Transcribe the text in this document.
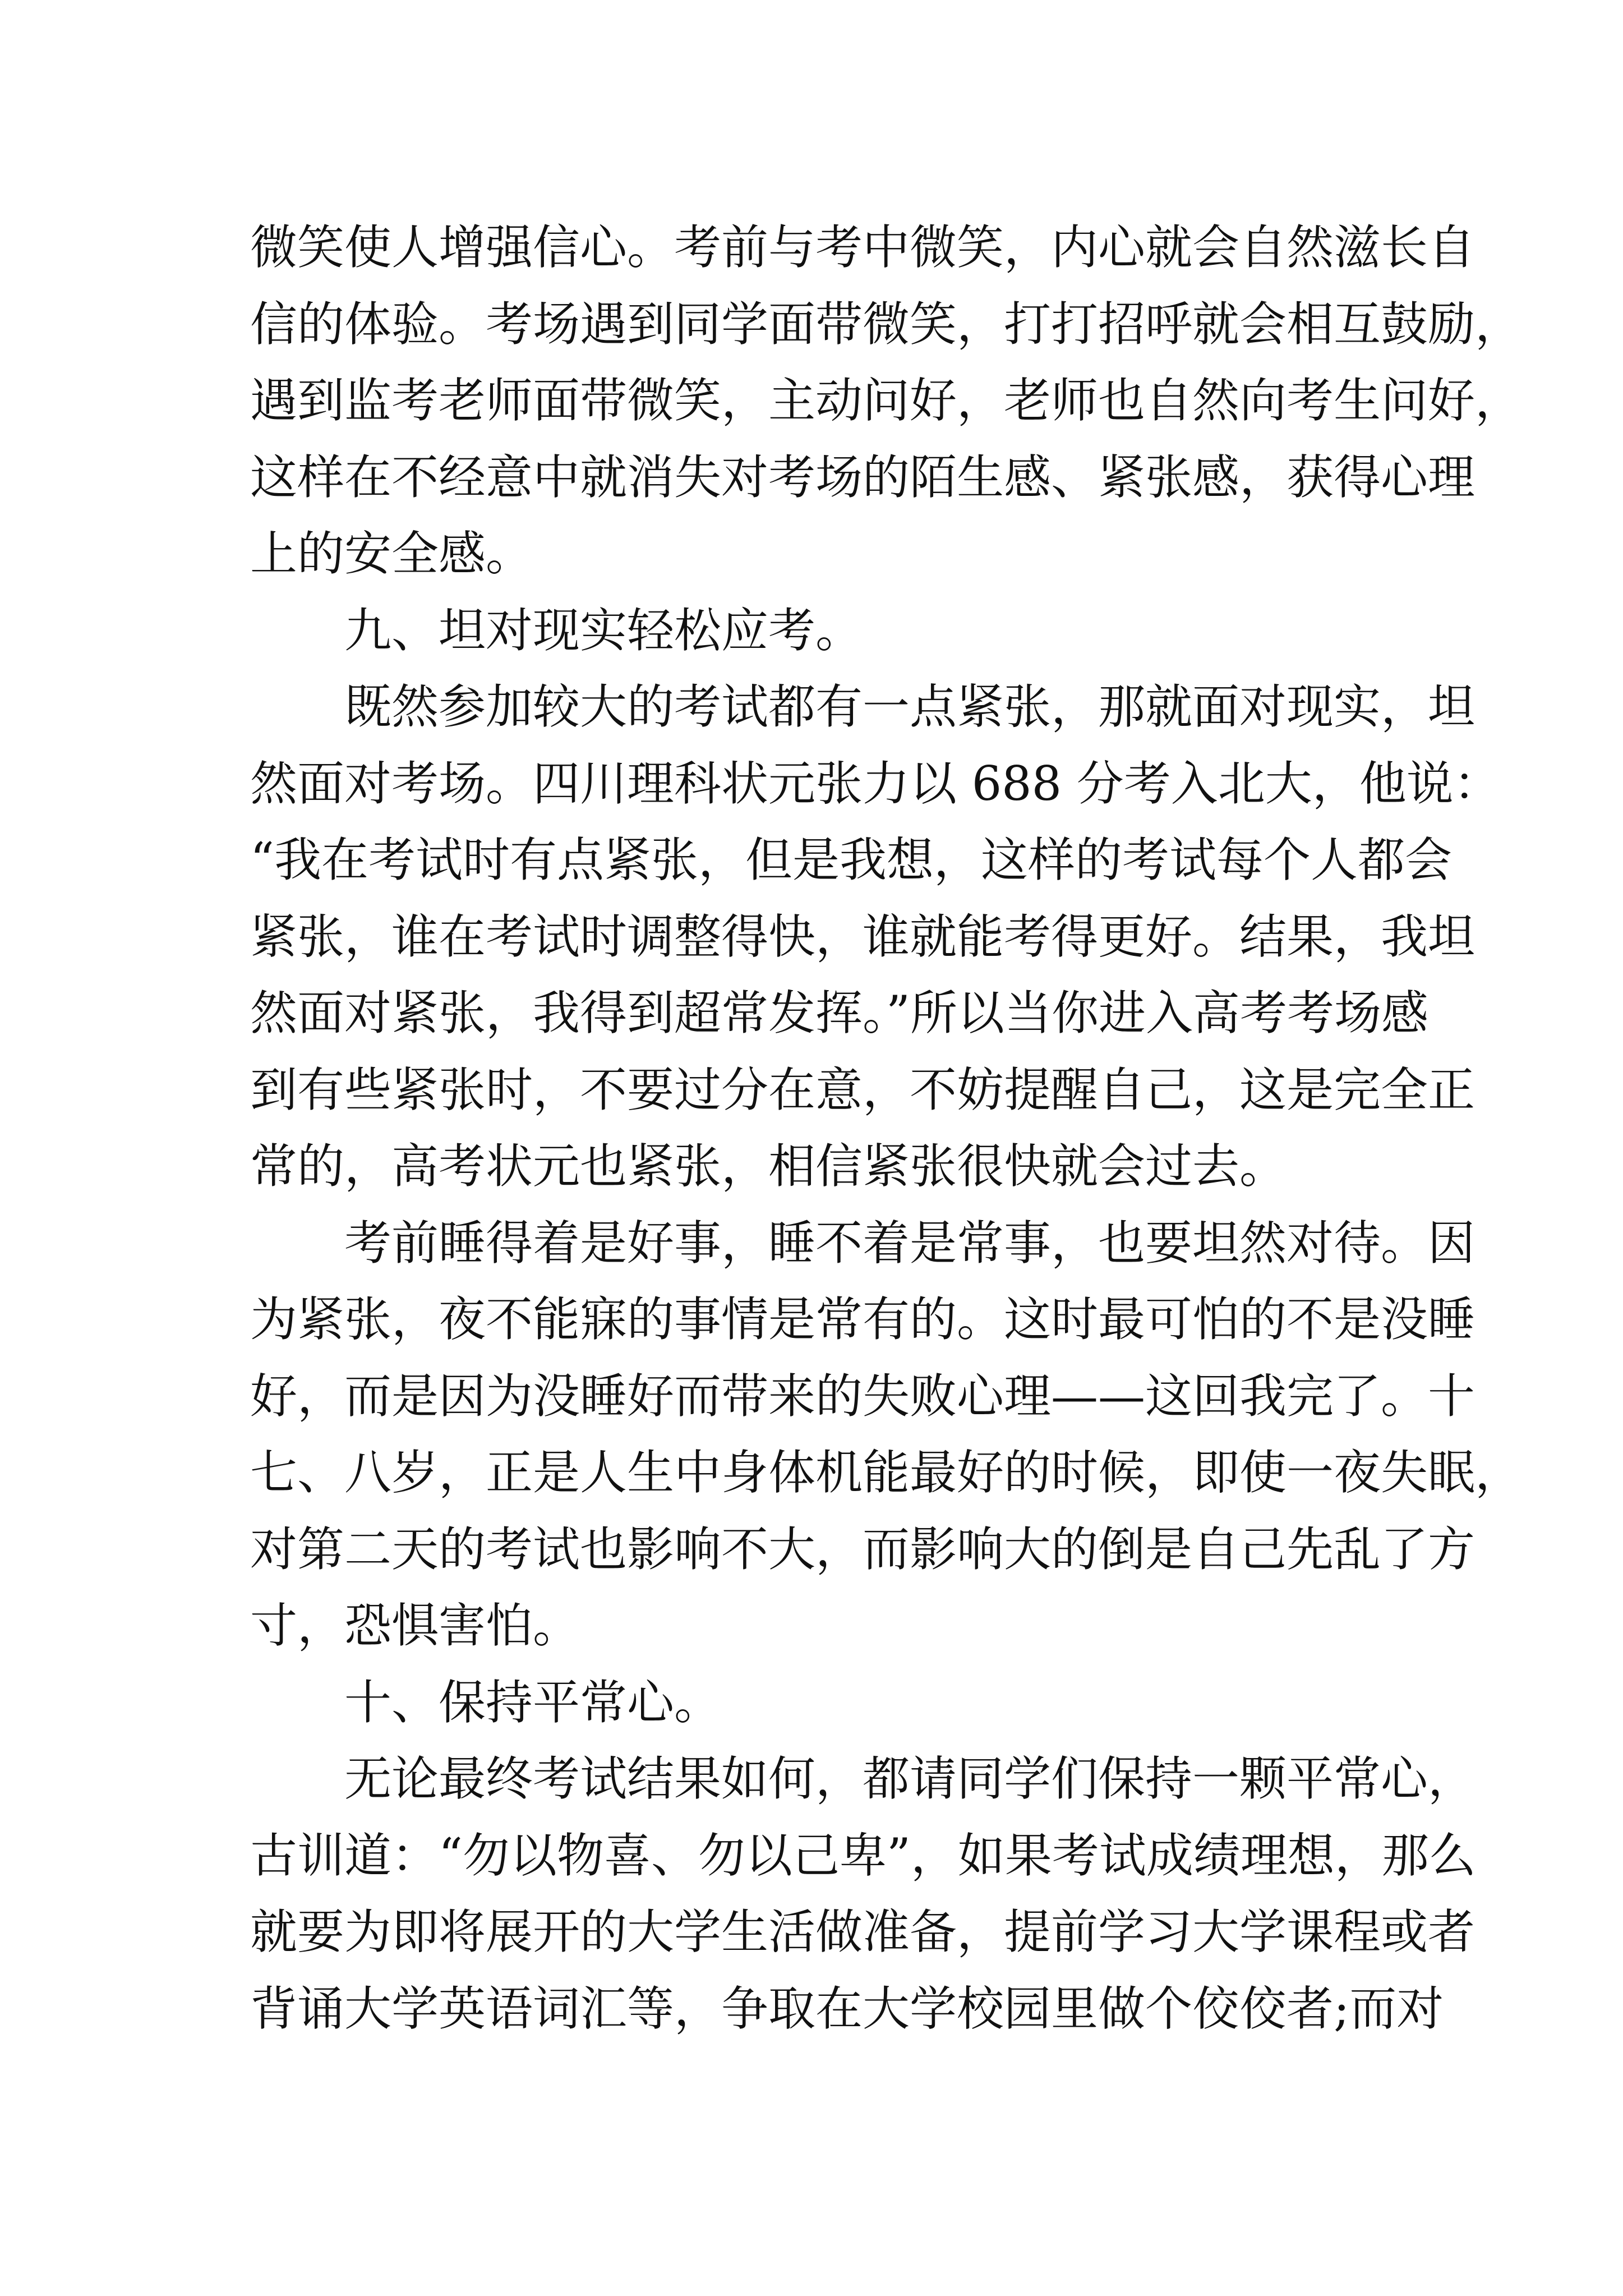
微笑使人增强信心。考前与考中微笑，内心就会自然滋长自
信的体验。考场遇到同学面带微笑，打打招呼就会相互鼓励，
遇到监考老师面带微笑，主动问好，老师也自然向考生问好，
这样在不经意中就消失对考场的陌生感、紧张感，获得心理
上的安全感。
九、坦对现实轻松应考。
既然参加较大的考试都有一点紧张，那就面对现实，坦
然面对考场。四川理科状元张力以 688 分考入北大，他说：
“我在考试时有点紧张，但是我想，这样的考试每个人都会
紧张，谁在考试时调整得快，谁就能考得更好。结果，我坦
然面对紧张，我得到超常发挥。”所以当你进入高考考场感
到有些紧张时，不要过分在意，不妨提醒自己，这是完全正
常的，高考状元也紧张，相信紧张很快就会过去。
考前睡得着是好事，睡不着是常事，也要坦然对待。因
为紧张，夜不能寐的事情是常有的。这时最可怕的不是没睡
好，而是因为没睡好而带来的失败心理——这回我完了。十
七、八岁，正是人生中身体机能最好的时候，即使一夜失眠，
对第二天的考试也影响不大，而影响大的倒是自己先乱了方
寸，恐惧害怕。
十、保持平常心。
无论最终考试结果如何，都请同学们保持一颗平常心，
古训道：“勿以物喜、勿以己卑”，如果考试成绩理想，那么
就要为即将展开的大学生活做准备，提前学习大学课程或者
背诵大学英语词汇等，争取在大学校园里做个佼佼者;而对
